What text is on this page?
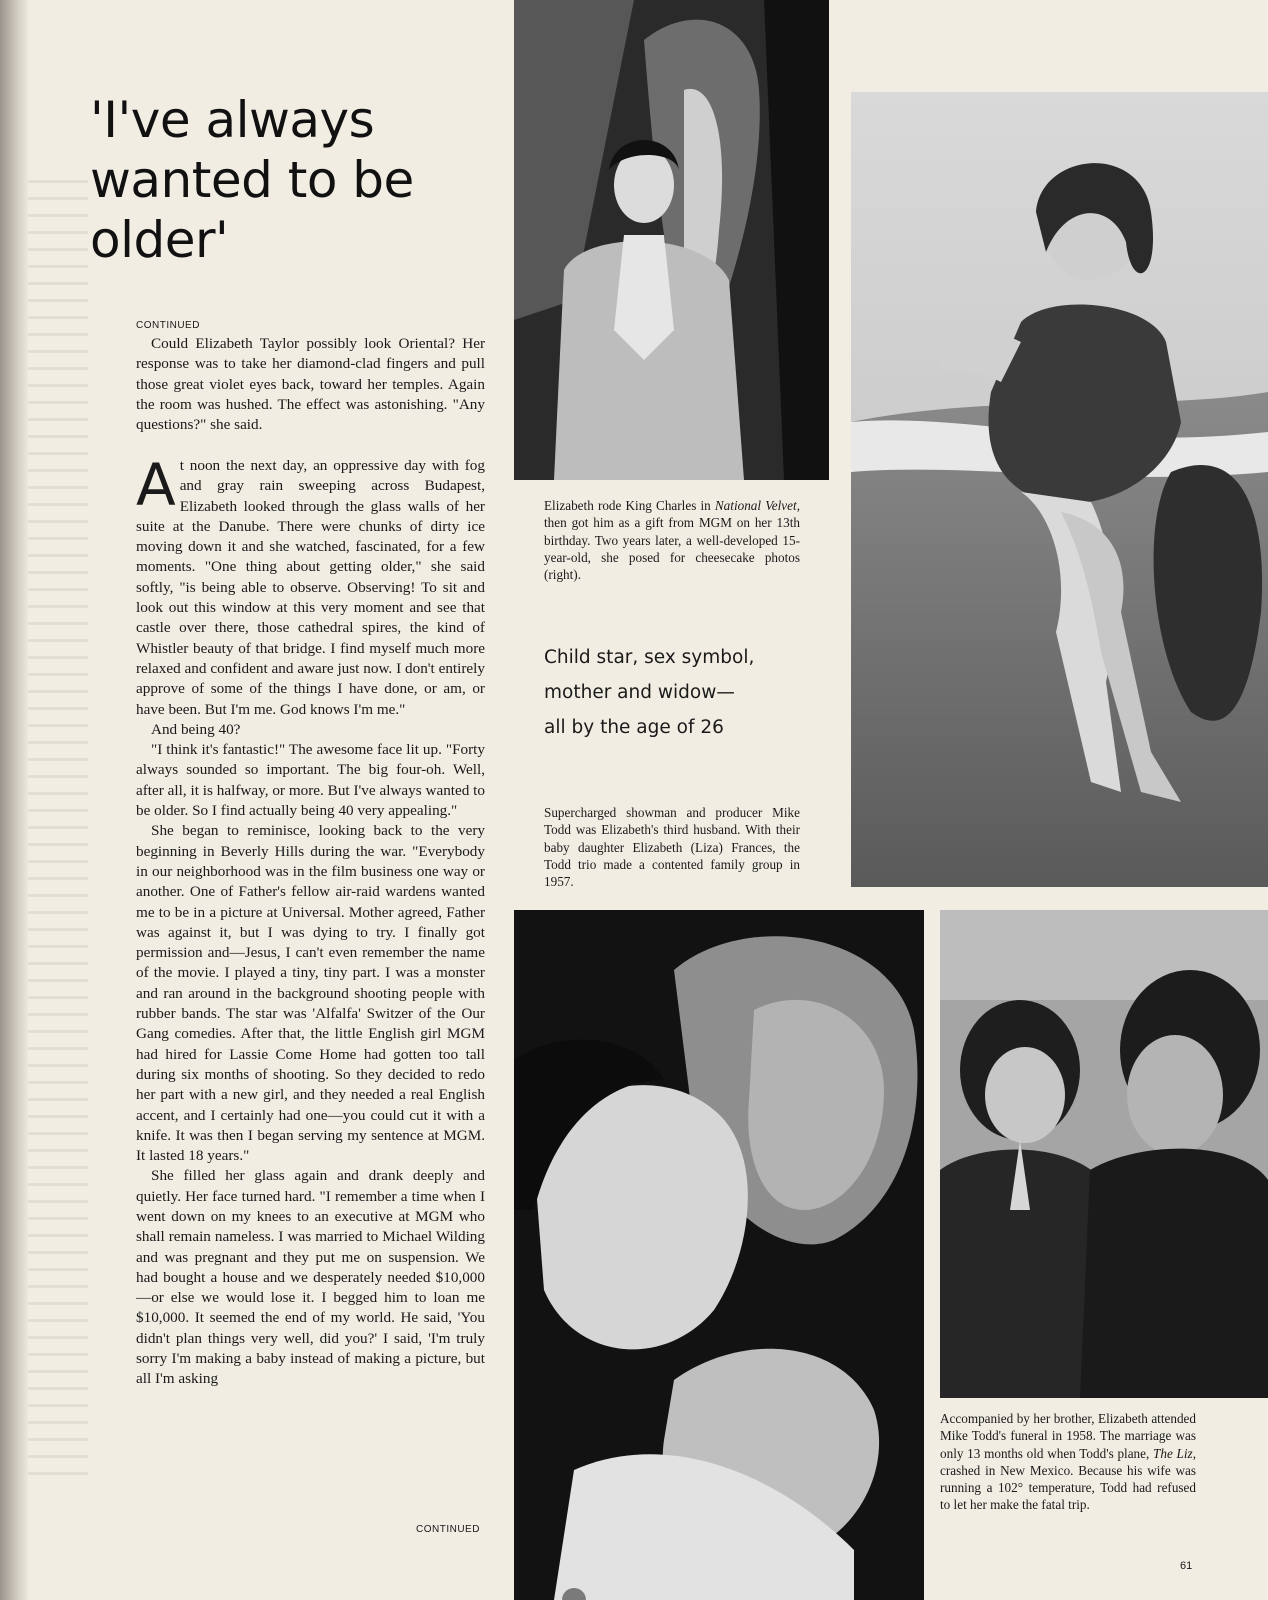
'I've always wanted to be older'
CONTINUED

Could Elizabeth Taylor possibly look Oriental? Her response was to take her diamond-clad fingers and pull those great violet eyes back, toward her temples. Again the room was hushed. The effect was astonishing. "Any questions?" she said.

At noon the next day, an oppressive day with fog and gray rain sweeping across Budapest, Elizabeth looked through the glass walls of her suite at the Danube. There were chunks of dirty ice moving down it and she watched, fascinated, for a few moments. "One thing about getting older," she said softly, "is being able to observe. Observing! To sit and look out this window at this very moment and see that castle over there, those cathedral spires, the kind of Whistler beauty of that bridge. I find myself much more relaxed and confident and aware just now. I don't entirely approve of some of the things I have done, or am, or have been. But I'm me. God knows I'm me."

And being 40?

"I think it's fantastic!" The awesome face lit up. "Forty always sounded so important. The big four-oh. Well, after all, it is halfway, or more. But I've always wanted to be older. So I find actually being 40 very appealing."

She began to reminisce, looking back to the very beginning in Beverly Hills during the war. "Everybody in our neighborhood was in the film business one way or another. One of Father's fellow air-raid wardens wanted me to be in a picture at Universal. Mother agreed, Father was against it, but I was dying to try. I finally got permission and—Jesus, I can't even remember the name of the movie. I played a tiny, tiny part. I was a monster and ran around in the background shooting people with rubber bands. The star was 'Alfalfa' Switzer of the Our Gang comedies. After that, the little English girl MGM had hired for Lassie Come Home had gotten too tall during six months of shooting. So they decided to redo her part with a new girl, and they needed a real English accent, and I certainly had one—you could cut it with a knife. It was then I began serving my sentence at MGM. It lasted 18 years."

She filled her glass again and drank deeply and quietly. Her face turned hard. "I remember a time when I went down on my knees to an executive at MGM who shall remain nameless. I was married to Michael Wilding and was pregnant and they put me on suspension. We had bought a house and we desperately needed $10,000—or else we would lose it. I begged him to loan me $10,000. It seemed the end of my world. He said, 'You didn't plan things very well, did you?' I said, 'I'm truly sorry I'm making a baby instead of making a picture, but all I'm asking

CONTINUED
Elizabeth rode King Charles in National Velvet, then got him as a gift from MGM on her 13th birthday. Two years later, a well-developed 15-year-old, she posed for cheesecake photos (right).
Child star, sex symbol,
mother and widow—
all by the age of 26
Supercharged showman and producer Mike Todd was Elizabeth's third husband. With their baby daughter Elizabeth (Liza) Frances, the Todd trio made a contented family group in 1957.
Accompanied by her brother, Elizabeth attended Mike Todd's funeral in 1958. The marriage was only 13 months old when Todd's plane, The Liz, crashed in New Mexico. Because his wife was running a 102° temperature, Todd had refused to let her make the fatal trip.
61
